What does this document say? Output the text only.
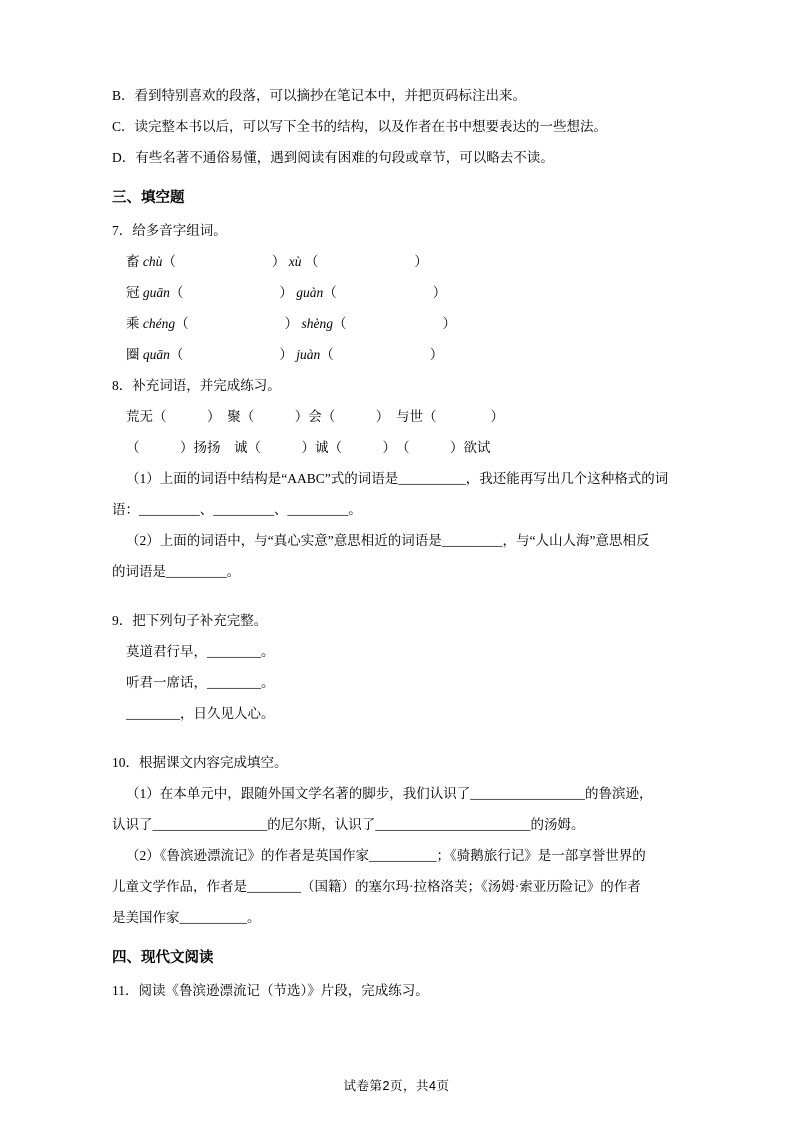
B．看到特别喜欢的段落，可以摘抄在笔记本中，并把页码标注出来。
C．读完整本书以后，可以写下全书的结构，以及作者在书中想要表达的一些想法。
D．有些名著不通俗易懂，遇到阅读有困难的句段或章节，可以略去不读。
三、填空题
7．给多音字组词。
畜 chù（	） xù （	）
冠 guān（	） guàn（	）
乘 chéng（	） shèng（	）
圈 quān（	） juàn（	）
8．补充词语，并完成练习。
荒无（　　　）　聚（　　　）会（　　　）　与世（　　　　）
（　　　）扬扬　诚（　　　）诚（　　　）　（　　　）欲试
（1）上面的词语中结构是“AABC”式的词语是__________，我还能再写出几个这种格式的词
语：_________、_________、_________。
（2）上面的词语中，与“真心实意”意思相近的词语是_________，与“人山人海”意思相反
的词语是_________。
9．把下列句子补充完整。
莫道君行早，________。
听君一席话，________。
________，日久见人心。
10．根据课文内容完成填空。
（1）在本单元中，跟随外国文学名著的脚步，我们认识了_________________的鲁滨逊，
认识了_________________的尼尔斯，认识了_______________________的汤姆。
（2）《鲁滨逊漂流记》的作者是英国作家__________；《骑鹅旅行记》是一部享誉世界的
儿童文学作品，作者是________（国籍）的塞尔玛·拉格洛芙；《汤姆·索亚历险记》的作者
是美国作家__________。
四、现代文阅读
11．阅读《鲁滨逊漂流记（节选）》片段，完成练习。
试卷第2页，共4页
